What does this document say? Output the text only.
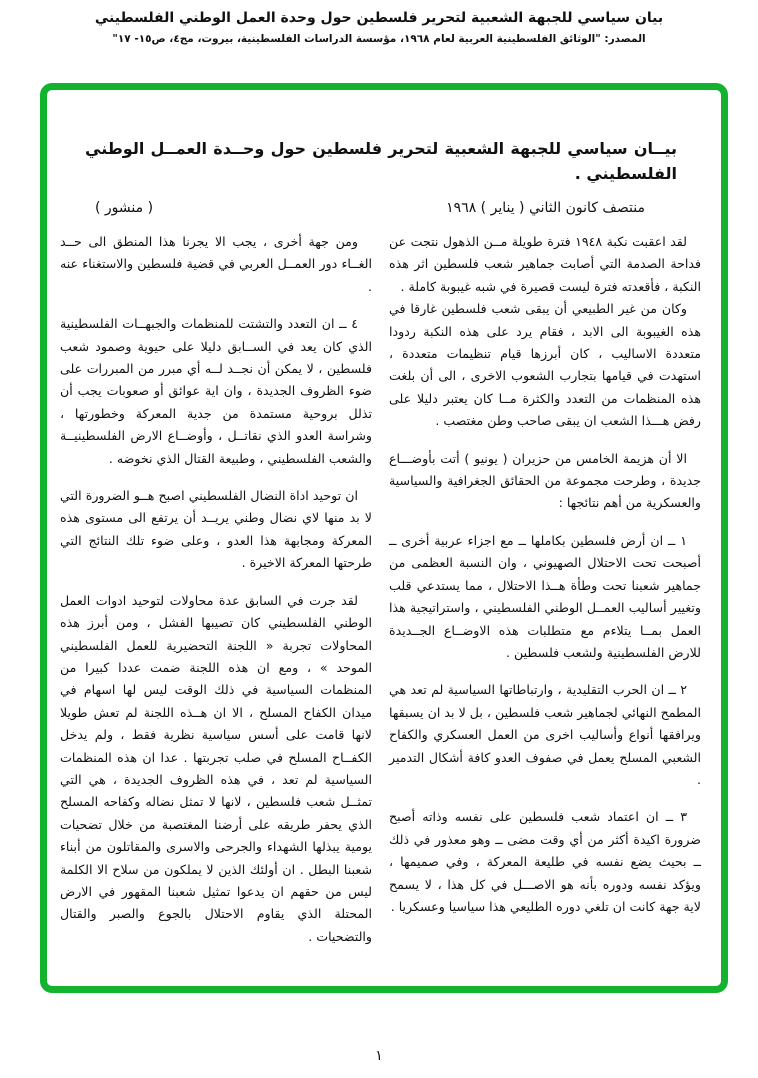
بيان سياسي للجبهة الشعبية لتحرير فلسطين حول وحدة العمل الوطني الفلسطيني
المصدر: "الوثائق الفلسطينية العربية لعام ١٩٦٨، مؤسسة الدراسات الفلسطينية، بيروت، مج٤، ص١٥- ١٧"
بيــان سياسي للجبهة الشعبية لتحرير فلسطين حول وحــدة العمــل الوطني الفلسطيني .
منتصف كانون الثاني ( يناير ) ١٩٦٨
( منشور )

لقد اعقبت نكبة ١٩٤٨ فترة طويلة مــن الذهول نتجت عن فداحة الصدمة التي أصابت جماهير شعب فلسطين اثر هذه النكبة ، فأقعدته فترة ليست قصيرة في شبه غيبوبة كاملة .

وكان من غير الطبيعي أن يبقى شعب فلسطين غارقا في هذه الغيبوبة الى الابد ، فقام يرد على هذه النكبة ردودا متعددة الاساليب ، كان أبرزها قيام تنظيمات متعددة ، استهدت في قيامها بتجارب الشعوب الاخرى ، الى أن بلغت هذه المنظمات من التعدد والكثرة مــا كان يعتبر دليلا على رفض هـــذا الشعب ان يبقى صاحب وطن مغتصب .

الا أن هزيمة الخامس من حزيران ( يونيو ) أتت بأوضـــاع جديدة ، وطرحت مجموعة من الحقائق الجغرافية والسياسية والعسكرية من أهم نتائجها :

١ ــ ان أرض فلسطين بكاملها ــ مع اجزاء عربية أخرى ــ أصبحت تحت الاحتلال الصهيوني ، وان النسبة العظمى من جماهير شعبنا تحت وطأة هــذا الاحتلال ، مما يستدعي قلب وتغيير أساليب العمــل الوطني الفلسطيني ، واستراتيجية هذا العمل بمــا يتلاءم مع متطلبات هذه الاوضــاع الجــديدة للارض الفلسطينية ولشعب فلسطين .

٢ ــ ان الحرب التقليدية ، وارتباطاتها السياسية لم تعد هي المطمح النهائي لجماهير شعب فلسطين ، بل لا بد ان يسبقها ويرافقها أنواع وأساليب اخرى من العمل العسكري والكفاح الشعبي المسلح يعمل في صفوف العدو كافة أشكال التدمير .

٣ ــ ان اعتماد شعب فلسطين على نفسه وذاته أصبح ضرورة اكيدة أكثر من أي وقت مضى ــ وهو معذور في ذلك ــ بحيث يضع نفسه في طليعة المعركة ، وفي صميمها ، ويؤكد نفسه ودوره بأنه هو الاصـــل في كل هذا ، لا يسمح لاية جهة كانت ان تلغي دوره الطليعي هذا سياسيا وعسكريا .

ومن جهة أخرى ، يجب الا يجرنا هذا المنطق الى حــد الغــاء دور العمــل العربي في قضية فلسطين والاستغناء عنه .

٤ ــ ان التعدد والتشتت للمنظمات والجبهــات الفلسطينية الذي كان يعد في الســابق دليلا على حيوية وصمود شعب فلسطين ، لا يمكن أن نجــد لــه أي مبرر من المبررات على ضوء الظروف الجديدة ، وان اية عوائق أو صعوبات يجب أن تذلل بروحية مستمدة من جدية المعركة وخطورتها ، وشراسة العدو الذي نقاتــل ، وأوضــاع الارض الفلسطينيــة والشعب الفلسطيني ، وطبيعة القتال الذي نخوضه .

ان توحيد اداة النضال الفلسطيني اصبح هــو الضرورة التي لا بد منها لاي نضال وطني يريــد أن يرتفع الى مستوى هذه المعركة ومجابهة هذا العدو ، وعلى ضوء تلك النتائج التي طرحتها المعركة الاخيرة .

لقد جرت في السابق عدة محاولات لتوحيد ادوات العمل الوطني الفلسطيني كان تصيبها الفشل ، ومن أبرز هذه المحاولات تجربة « اللجنة التحضيرية للعمل الفلسطيني الموحد » ، ومع ان هذه اللجنة ضمت عددا كبيرا من المنظمات السياسية في ذلك الوقت ليس لها اسهام في ميدان الكفاح المسلح ، الا ان هــذه اللجنة لم تعش طويلا لانها قامت على أسس سياسية نظرية فقط ، ولم يدخل الكفــاح المسلح في صلب تجربتها . عدا ان هذه المنظمات السياسية لم تعد ، في هذه الظروف الجديدة ، هي التي تمثــل شعب فلسطين ، لانها لا تمثل نضاله وكفاحه المسلح الذي يحفر طريقه على أرضنا المغتصبة من خلال تضحيات يومية يبذلها الشهداء والجرحى والاسرى والمقاتلون من أبناء شعبنا البطل . ان أولئك الذين لا يملكون من سلاح الا الكلمة ليس من حقهم ان يدعوا تمثيل شعبنا المقهور في الارض المحتلة الذي يقاوم الاحتلال بالجوع والصبر والقتال والتضحيات .

١
